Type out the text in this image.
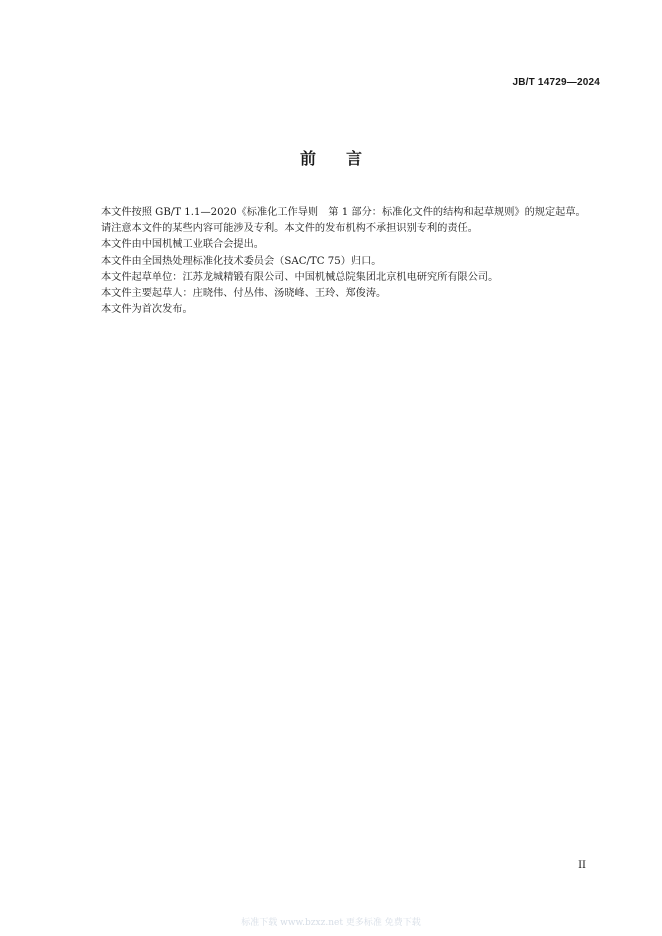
JB/T 14729—2024
前 言

本文件按照 GB/T 1.1—2020《标准化工作导则　第 1 部分：标准化文件的结构和起草规则》的规定起草。

请注意本文件的某些内容可能涉及专利。本文件的发布机构不承担识别专利的责任。

本文件由中国机械工业联合会提出。

本文件由全国热处理标准化技术委员会（SAC/TC 75）归口。

本文件起草单位：江苏龙城精锻有限公司、中国机械总院集团北京机电研究所有限公司。

本文件主要起草人：庄晓伟、付丛伟、汤晓峰、王玲、郑俊涛。

本文件为首次发布。

II
标准下载 www.bzxz.net 更多标准 免费下载
